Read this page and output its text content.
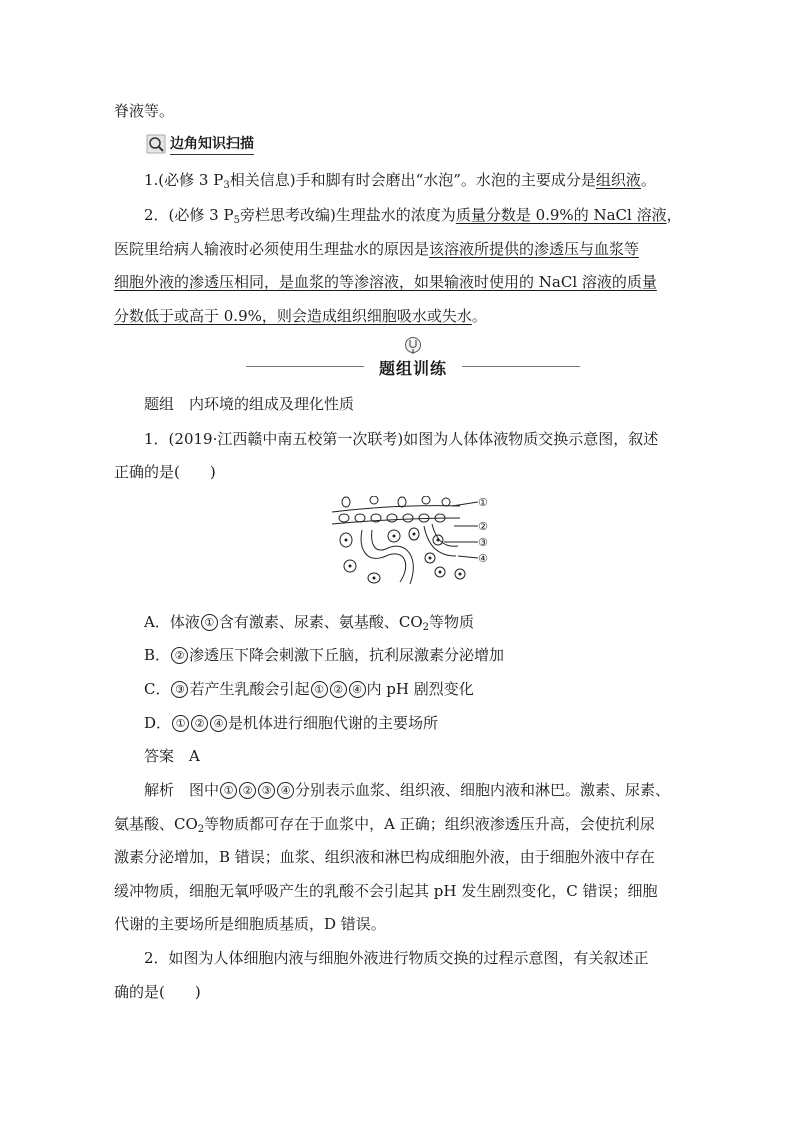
脊液等。
边角知识扫描
1.(必修 3 $P_3$相关信息)手和脚有时会磨出“水泡”。水泡的主要成分是组织液。
2．(必修 3 $P_5$旁栏思考改编)生理盐水的浓度为质量分数是 0.9%的 NaCl 溶液，
医院里给病人输液时必须使用生理盐水的原因是该溶液所提供的渗透压与血浆等
细胞外液的渗透压相同，是血浆的等渗溶液，如果输液时使用的 NaCl 溶液的质量
分数低于或高于 0.9%，则会造成组织细胞吸水或失水。
题组训练
题组　内环境的组成及理化性质
1．(2019·江西赣中南五校第一次联考)如图为人体体液物质交换示意图，叙述
正确的是(　　)
①
②
③
④
A．体液 ① 含有激素、尿素、氨基酸、$CO_2$等物质
B． ② 渗透压下降会刺激下丘脑，抗利尿激素分泌增加
C． ③ 若产生乳酸会引起 ① ② ④ 内 pH 剧烈变化
D． ① ② ④ 是机体进行细胞代谢的主要场所
答案　A
解析　图中 ① ② ③ ④ 分别表示血浆、组织液、细胞内液和淋巴。激素、尿素、
氨基酸、$CO_2$等物质都可存在于血浆中，A 正确；组织液渗透压升高，会使抗利尿
激素分泌增加，B 错误；血浆、组织液和淋巴构成细胞外液，由于细胞外液中存在
缓冲物质，细胞无氧呼吸产生的乳酸不会引起其 pH 发生剧烈变化，C 错误；细胞
代谢的主要场所是细胞质基质，D 错误。
2．如图为人体细胞内液与细胞外液进行物质交换的过程示意图，有关叙述正
确的是(　　)
